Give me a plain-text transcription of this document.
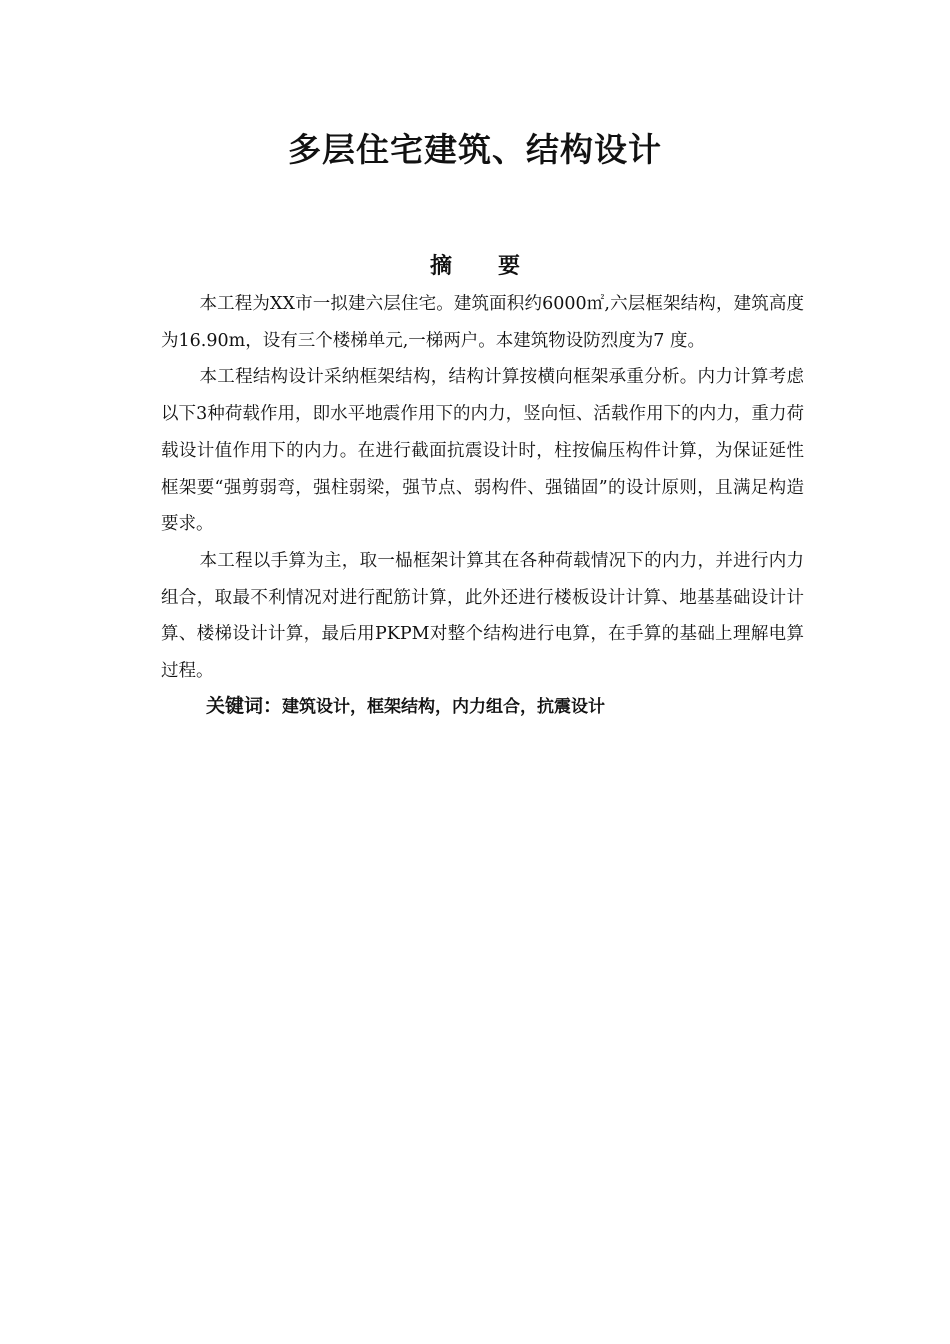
多层住宅建筑、结构设计
摘 要

本工程为XX市一拟建六层住宅。建筑面积约6000㎡,六层框架结构，建筑高度为16.90m，设有三个楼梯单元,一梯两户。本建筑物设防烈度为7 度。

本工程结构设计采纳框架结构，结构计算按横向框架承重分析。内力计算考虑以下3种荷载作用，即水平地震作用下的内力，竖向恒、活载作用下的内力，重力荷载设计值作用下的内力。在进行截面抗震设计时，柱按偏压构件计算，为保证延性框架要“强剪弱弯，强柱弱梁，强节点、弱构件、强锚固”的设计原则，且满足构造要求。

本工程以手算为主，取一榀框架计算其在各种荷载情况下的内力，并进行内力组合，取最不利情况对进行配筋计算，此外还进行楼板设计计算、地基基础设计计算、楼梯设计计算，最后用PKPM对整个结构进行电算，在手算的基础上理解电算过程。

关键词：建筑设计，框架结构，内力组合，抗震设计
